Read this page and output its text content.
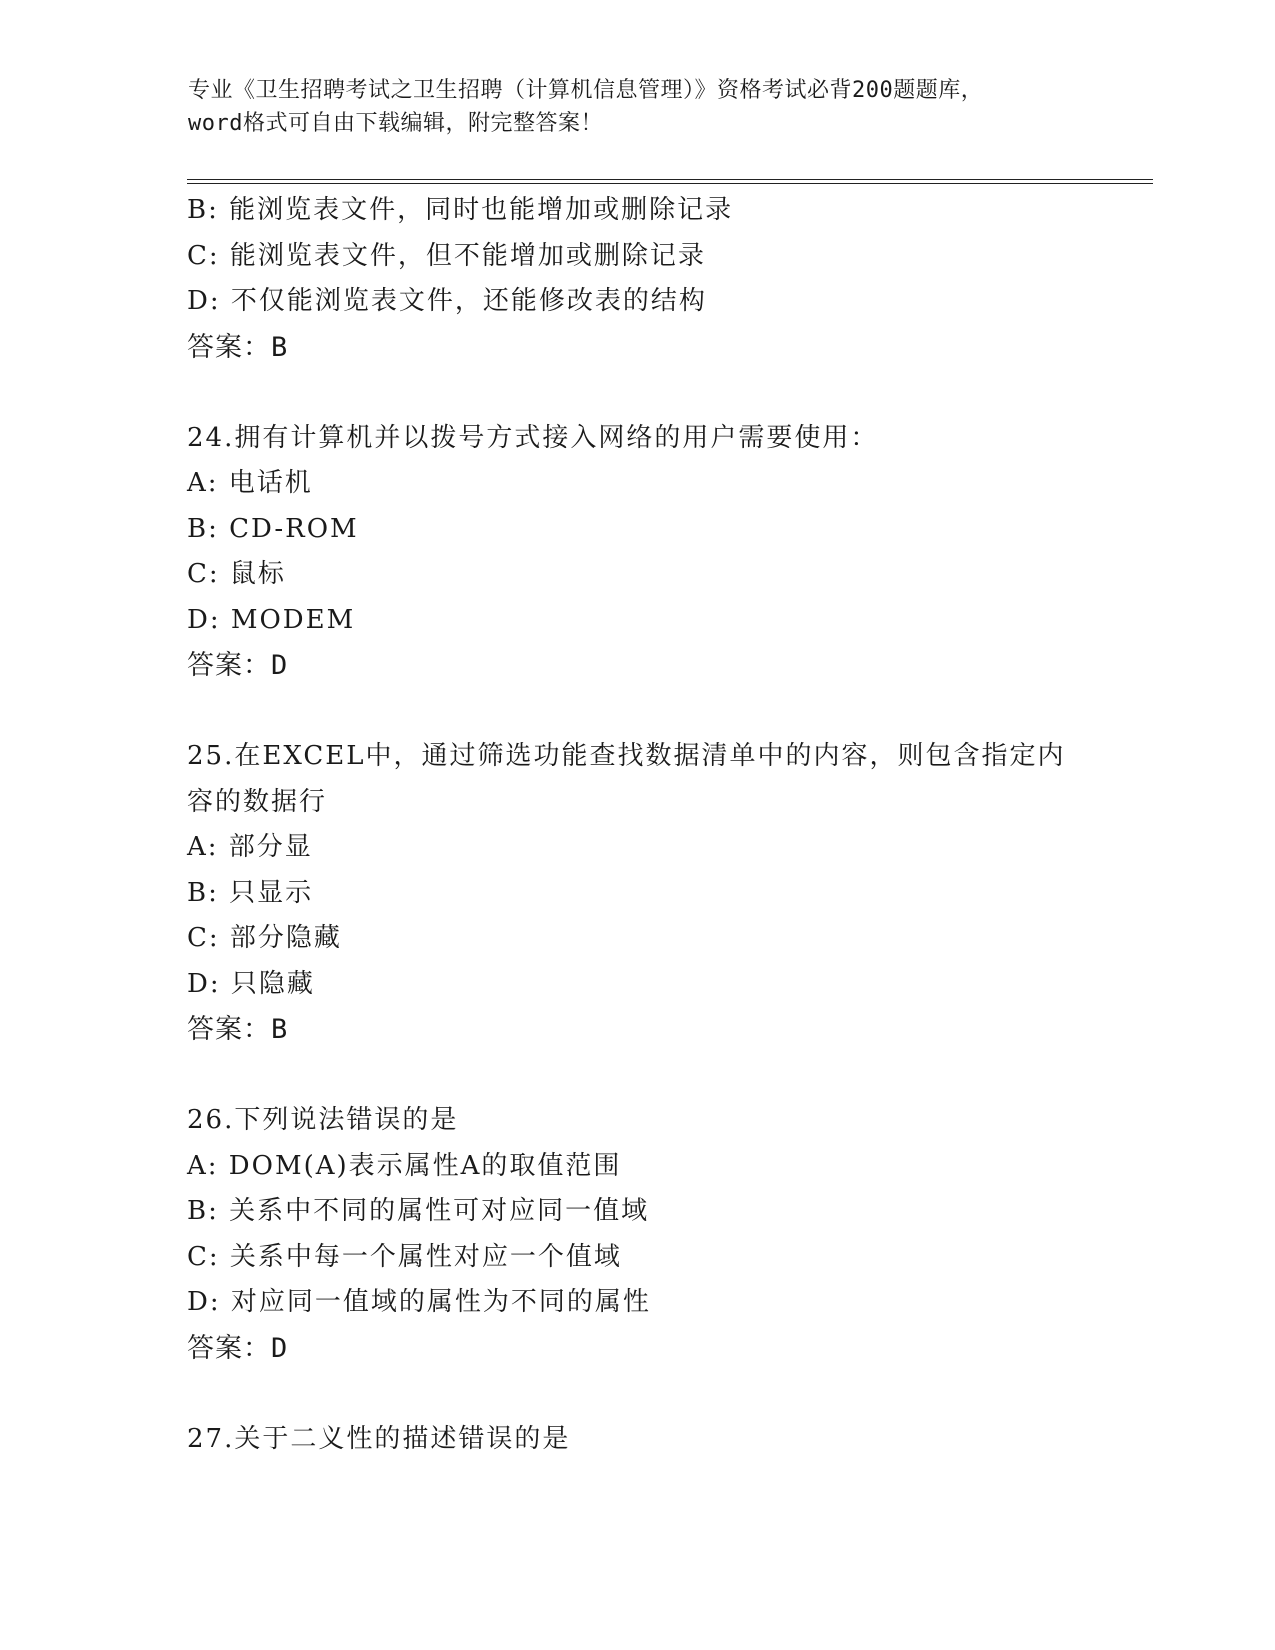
专业《卫生招聘考试之卫生招聘（计算机信息管理）》资格考试必背200题题库，
word格式可自由下载编辑，附完整答案！
B: 能浏览表文件，同时也能增加或删除记录
C: 能浏览表文件，但不能增加或删除记录
D: 不仅能浏览表文件，还能修改表的结构
答案：B
24.拥有计算机并以拨号方式接入网络的用户需要使用：
A: 电话机
B: CD-ROM
C: 鼠标
D: MODEM
答案：D
25.在EXCEL中，通过筛选功能查找数据清单中的内容，则包含指定内
容的数据行
A: 部分显
B: 只显示
C: 部分隐藏
D: 只隐藏
答案：B
26.下列说法错误的是
A: DOM(A)表示属性A的取值范围
B: 关系中不同的属性可对应同一值域
C: 关系中每一个属性对应一个值域
D: 对应同一值域的属性为不同的属性
答案：D
27.关于二义性的描述错误的是
